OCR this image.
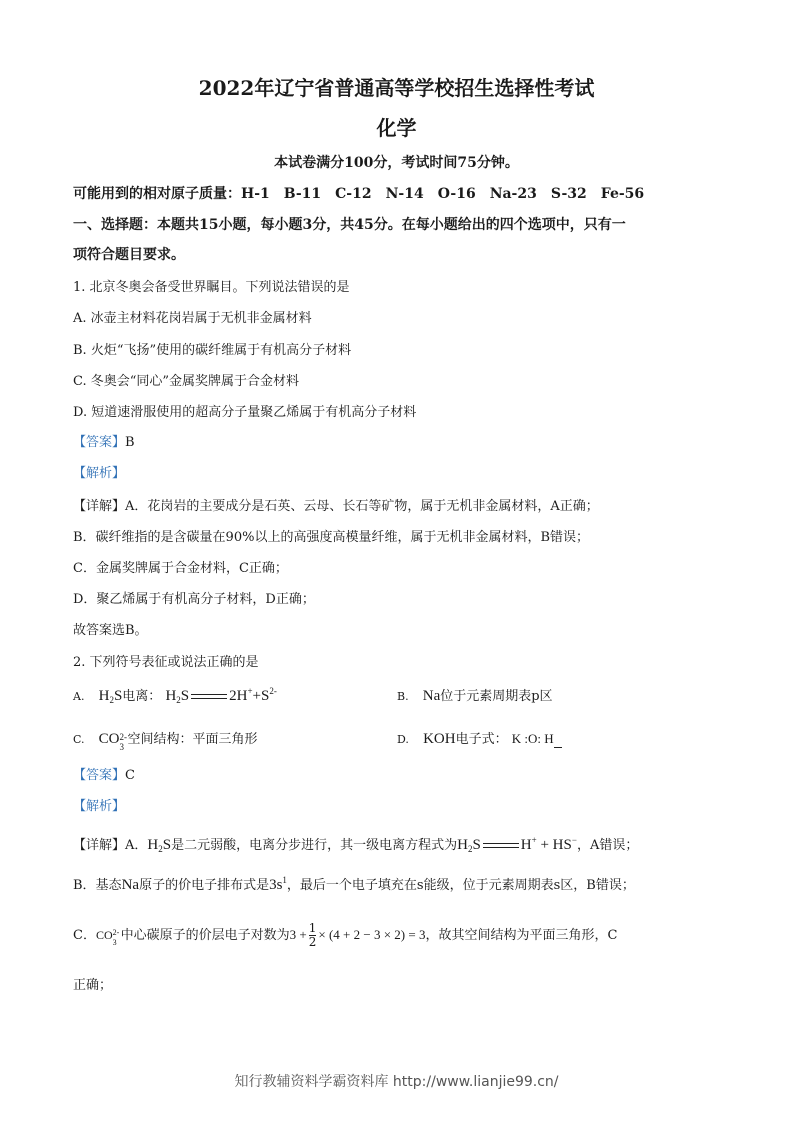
2022年辽宁省普通高等学校招生选择性考试
化学
本试卷满分100分，考试时间75分钟。
可能用到的相对原子质量：H-1　B-11　C-12　N-14　O-16　Na-23　S-32　Fe-56
一、选择题：本题共15小题，每小题3分，共45分。在每小题给出的四个选项中，只有一
项符合题目要求。
1. 北京冬奥会备受世界瞩目。下列说法错误的是
A. 冰壶主材料花岗岩属于无机非金属材料
B. 火炬“飞扬”使用的碳纤维属于有机高分子材料
C. 冬奥会“同心”金属奖牌属于合金材料
D. 短道速滑服使用的超高分子量聚乙烯属于有机高分子材料
【答案】B
【解析】
【详解】A．花岗岩的主要成分是石英、云母、长石等矿物，属于无机非金属材料，A正确；
B．碳纤维指的是含碳量在90%以上的高强度高模量纤维，属于无机非金属材料，B错误；
C．金属奖牌属于合金材料，C正确；
D．聚乙烯属于有机高分子材料，D正确；
故答案选B。
2. 下列符号表征或说法正确的是
A. $H_2S$电离： $H_2S$	$2H^++S^{2-}$	B. Na位于元素周期表p区
C. CO 2-
3 空间结构：平面三角形	D. KOH电子式： K :O: H
【答案】C
【解析】
【详解】A．$H_2S$是二元弱酸，电离分步进行，其一级电离方程式为$H_2S$	H+ + HS−，A错误；
B．基态Na原子的价电子排布式是$3s^1$，最后一个电子填充在s能级，位于元素周期表s区，B错误；
C．CO 2-
3 中心碳原子的价层电子对数为$3 + \frac{1}{2} \times (4 + 2 - 3 \times 2) = 3$，故其空间结构为平面三角形，C
正确；
知行教辅资料学霸资料库 http://www.lianjie99.cn/
